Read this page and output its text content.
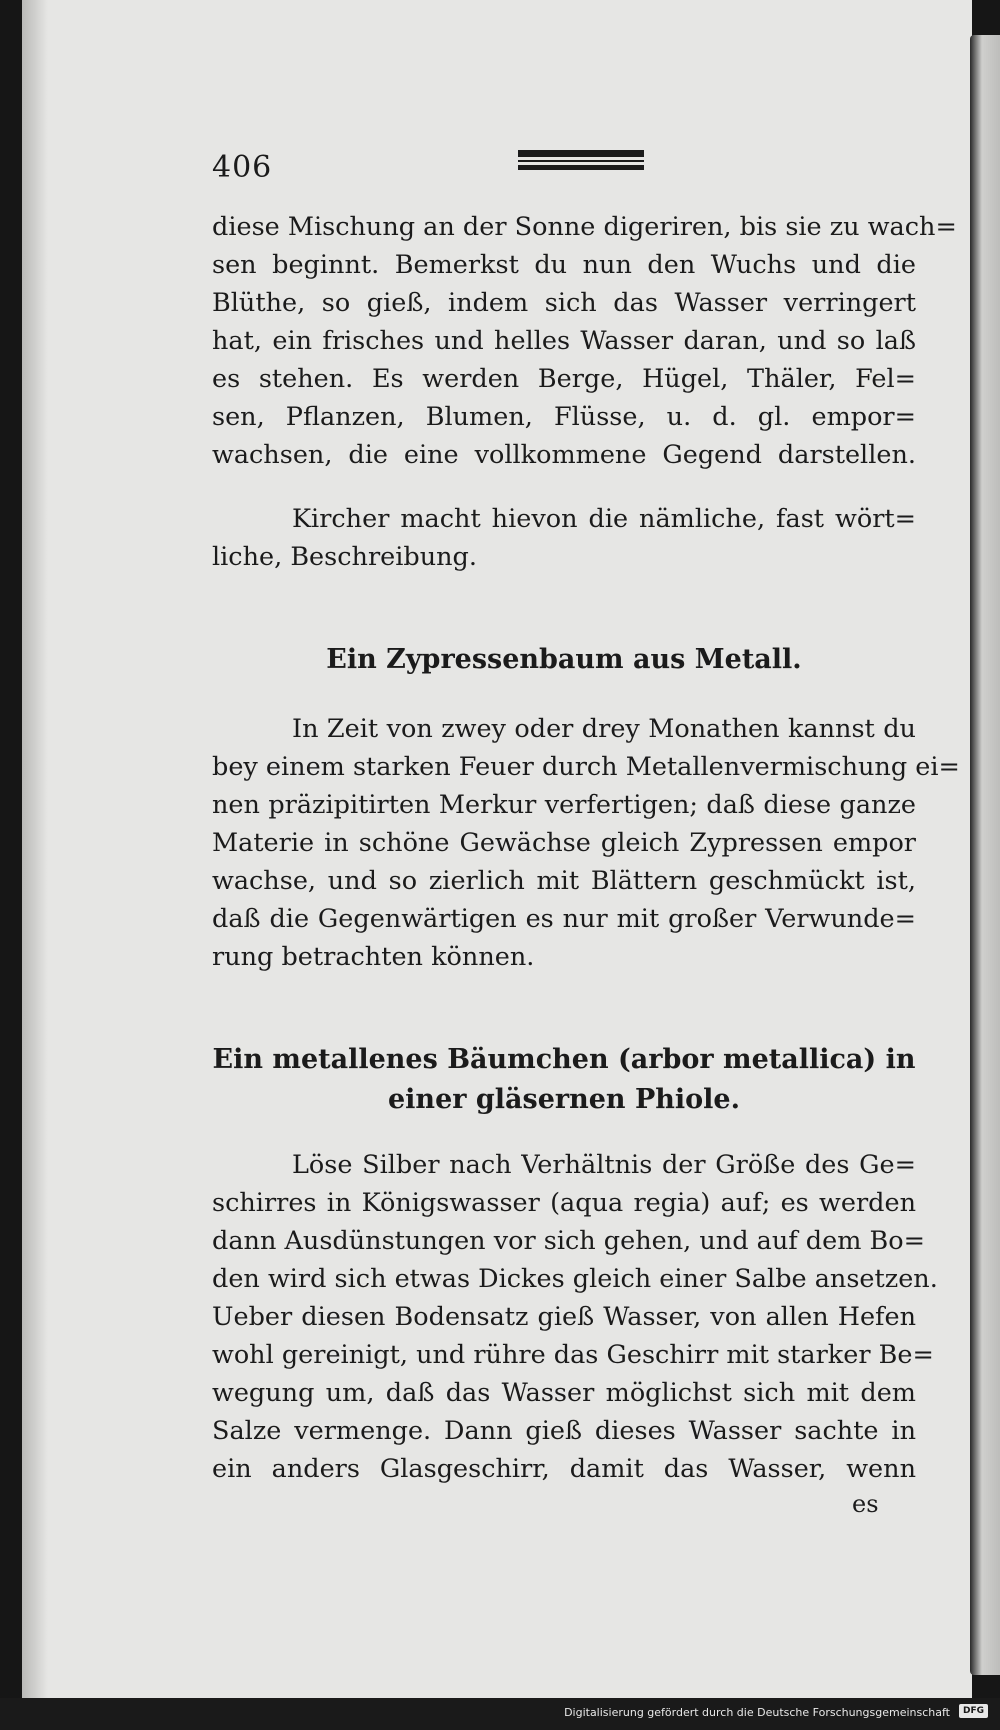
406
diese Mischung an der Sonne digeriren, bis sie zu wach=
sen beginnt. Bemerkst du nun den Wuchs und die
Blüthe, so gieß, indem sich das Wasser verringert
hat, ein frisches und helles Wasser daran, und so laß
es stehen. Es werden Berge, Hügel, Thäler, Fel=
sen, Pflanzen, Blumen, Flüsse, u. d. gl. empor=
wachsen, die eine vollkommene Gegend darstellen.
Kircher macht hievon die nämliche, fast wört=
liche, Beschreibung.
Ein Zypressenbaum aus Metall.
In Zeit von zwey oder drey Monathen kannst du
bey einem starken Feuer durch Metallenvermischung ei=
nen präzipitirten Merkur verfertigen; daß diese ganze
Materie in schöne Gewächse gleich Zypressen empor
wachse, und so zierlich mit Blättern geschmückt ist,
daß die Gegenwärtigen es nur mit großer Verwunde=
rung betrachten können.
Ein metallenes Bäumchen (arbor metallica) in
einer gläsernen Phiole.
Löse Silber nach Verhältnis der Größe des Ge=
schirres in Königswasser (aqua regia) auf; es werden
dann Ausdünstungen vor sich gehen, und auf dem Bo=
den wird sich etwas Dickes gleich einer Salbe ansetzen.
Ueber diesen Bodensatz gieß Wasser, von allen Hefen
wohl gereinigt, und rühre das Geschirr mit starker Be=
wegung um, daß das Wasser möglichst sich mit dem
Salze vermenge. Dann gieß dieses Wasser sachte in
ein anders Glasgeschirr, damit das Wasser, wenn
es
Digitalisierung gefördert durch die Deutsche Forschungsgemeinschaft	DFG
